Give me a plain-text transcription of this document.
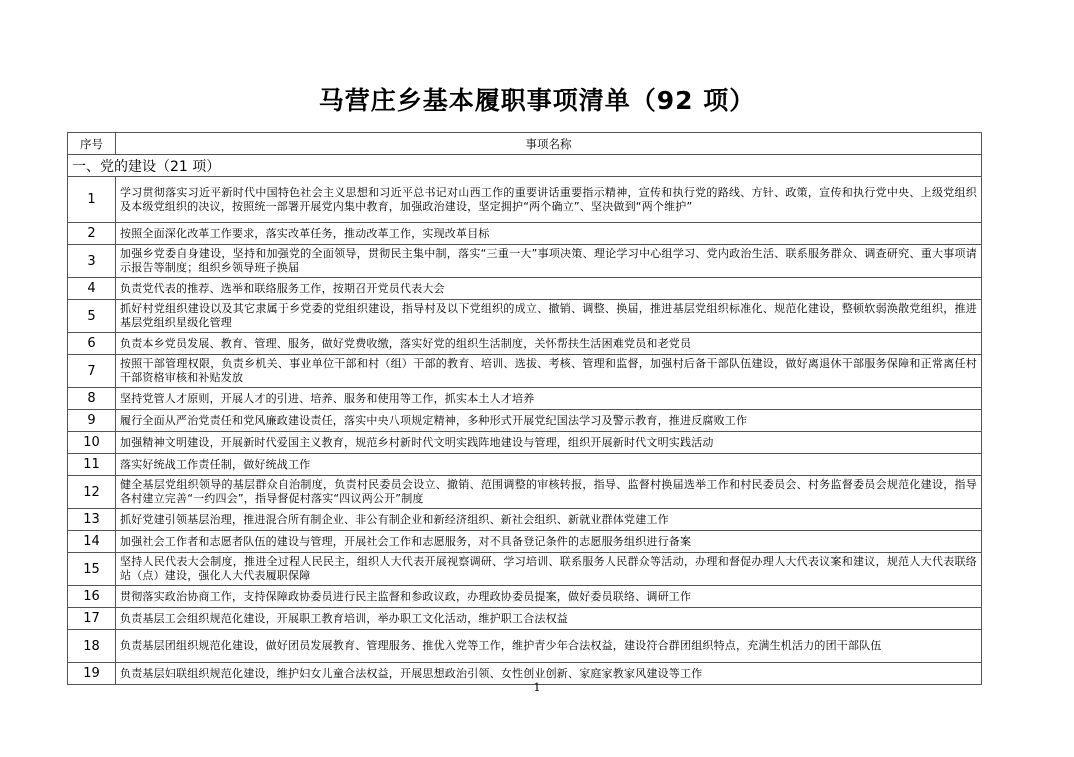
马营庄乡基本履职事项清单（92 项）
序号	事项名称
一、党的建设（21 项）	
1	学习贯彻落实习近平新时代中国特色社会主义思想和习近平总书记对山西工作的重要讲话重要指示精神，宣传和执行党的路线、方针、政策，宣传和执行党中央、上级党组织及本级党组织的决议，按照统一部署开展党内集中教育，加强政治建设，坚定拥护“两个确立”、坚决做到“两个维护”
2	按照全面深化改革工作要求，落实改革任务，推动改革工作，实现改革目标
3	加强乡党委自身建设，坚持和加强党的全面领导，贯彻民主集中制，落实“三重一大”事项决策、理论学习中心组学习、党内政治生活、联系服务群众、调查研究、重大事项请示报告等制度；组织乡领导班子换届
4	负责党代表的推荐、选举和联络服务工作，按期召开党员代表大会
5	抓好村党组织建设以及其它隶属于乡党委的党组织建设，指导村及以下党组织的成立、撤销、调整、换届，推进基层党组织标准化、规范化建设，整顿软弱涣散党组织，推进基层党组织星级化管理
6	负责本乡党员发展、教育、管理、服务，做好党费收缴，落实好党的组织生活制度，关怀帮扶生活困难党员和老党员
7	按照干部管理权限，负责乡机关、事业单位干部和村（组）干部的教育、培训、选拔、考核、管理和监督，加强村后备干部队伍建设，做好离退休干部服务保障和正常离任村干部资格审核和补贴发放
8	坚持党管人才原则，开展人才的引进、培养、服务和使用等工作，抓实本土人才培养
9	履行全面从严治党责任和党风廉政建设责任，落实中央八项规定精神，多种形式开展党纪国法学习及警示教育，推进反腐败工作
10	加强精神文明建设，开展新时代爱国主义教育，规范乡村新时代文明实践阵地建设与管理，组织开展新时代文明实践活动
11	落实好统战工作责任制，做好统战工作
12	健全基层党组织领导的基层群众自治制度，负责村民委员会设立、撤销、范围调整的审核转报，指导、监督村换届选举工作和村民委员会、村务监督委员会规范化建设，指导各村建立完善“一约四会”，指导督促村落实“四议两公开”制度
13	抓好党建引领基层治理，推进混合所有制企业、非公有制企业和新经济组织、新社会组织、新就业群体党建工作
14	加强社会工作者和志愿者队伍的建设与管理，开展社会工作和志愿服务，对不具备登记条件的志愿服务组织进行备案
15	坚持人民代表大会制度，推进全过程人民民主，组织人大代表开展视察调研、学习培训、联系服务人民群众等活动，办理和督促办理人大代表议案和建议，规范人大代表联络站（点）建设，强化人大代表履职保障
16	贯彻落实政治协商工作，支持保障政协委员进行民主监督和参政议政，办理政协委员提案，做好委员联络、调研工作
17	负责基层工会组织规范化建设，开展职工教育培训，举办职工文化活动，维护职工合法权益
18	负责基层团组织规范化建设，做好团员发展教育、管理服务、推优入党等工作，维护青少年合法权益，建设符合群团组织特点，充满生机活力的团干部队伍
19	负责基层妇联组织规范化建设，维护妇女儿童合法权益，开展思想政治引领、女性创业创新、家庭家教家风建设等工作
1
